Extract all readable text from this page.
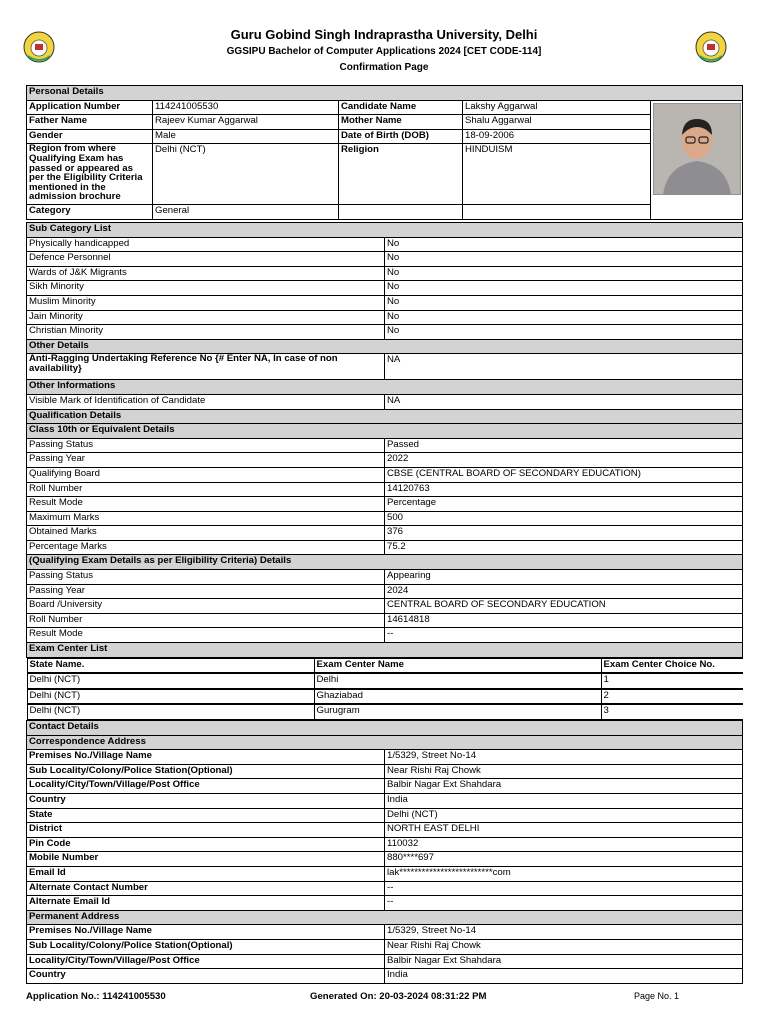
Guru Gobind Singh Indraprastha University, Delhi
GGSIPU Bachelor of Computer Applications 2024 [CET CODE-114]
Confirmation Page
Personal Details				
Application Number	114241005530	Candidate Name	Lakshy Aggarwal	

Father Name	Rajeev Kumar Aggarwal	Mother Name	Shalu Aggarwal	
Gender	Male	Date of Birth (DOB)	18-09-2006	
Region from where Qualifying Exam has passed or appeared as per the Eligibility Criteria mentioned in the admission brochure	Delhi (NCT)	Religion	HINDUISM	
Category	General			
Sub Category List
Physically handicapped	No
Defence Personnel	No
Wards of J&K Migrants	No
Sikh Minority	No
Muslim Minority	No
Jain Minority	No
Christian Minority	No
Other Details
Anti-Ragging Undertaking Reference No {# Enter NA, In case of non availability}	NA
Other Informations
Visible Mark of Identification of Candidate	NA
Qualification Details
Class 10th or Equivalent Details
Passing Status	Passed
Passing Year	2022
Qualifying Board	CBSE (CENTRAL BOARD OF SECONDARY EDUCATION)
Roll Number	14120763
Result Mode	Percentage
Maximum Marks	500
Obtained Marks	376
Percentage Marks	75.2
(Qualifying Exam Details as per Eligibility Criteria) Details
Passing Status	Appearing
Passing Year	2024
Board /University	CENTRAL BOARD OF SECONDARY EDUCATION
Roll Number	14614818
Result Mode	--
Exam Center List

State Name.	Exam Center Name	Exam Center Choice No.

Delhi (NCT)	Delhi	1

Delhi (NCT)	Ghaziabad	2

Delhi (NCT)	Gurugram	3

Contact Details
Correspondence Address
Premises No./Village Name	1/5329, Street No-14
Sub Locality/Colony/Police Station(Optional)	Near Rishi Raj Chowk
Locality/City/Town/Village/Post Office	Balbir Nagar Ext Shahdara
Country	India
State	Delhi (NCT)
District	NORTH EAST DELHI
Pin Code	110032
Mobile Number	880****697
Email Id	lak*************************com
Alternate Contact Number	--
Alternate Email Id	--
Permanent Address
Premises No./Village Name	1/5329, Street No-14
Sub Locality/Colony/Police Station(Optional)	Near Rishi Raj Chowk
Locality/City/Town/Village/Post Office	Balbir Nagar Ext Shahdara
Country	India
Application No.: 114241005530	Generated On: 20-03-2024 08:31:22 PM	Page No. 1
